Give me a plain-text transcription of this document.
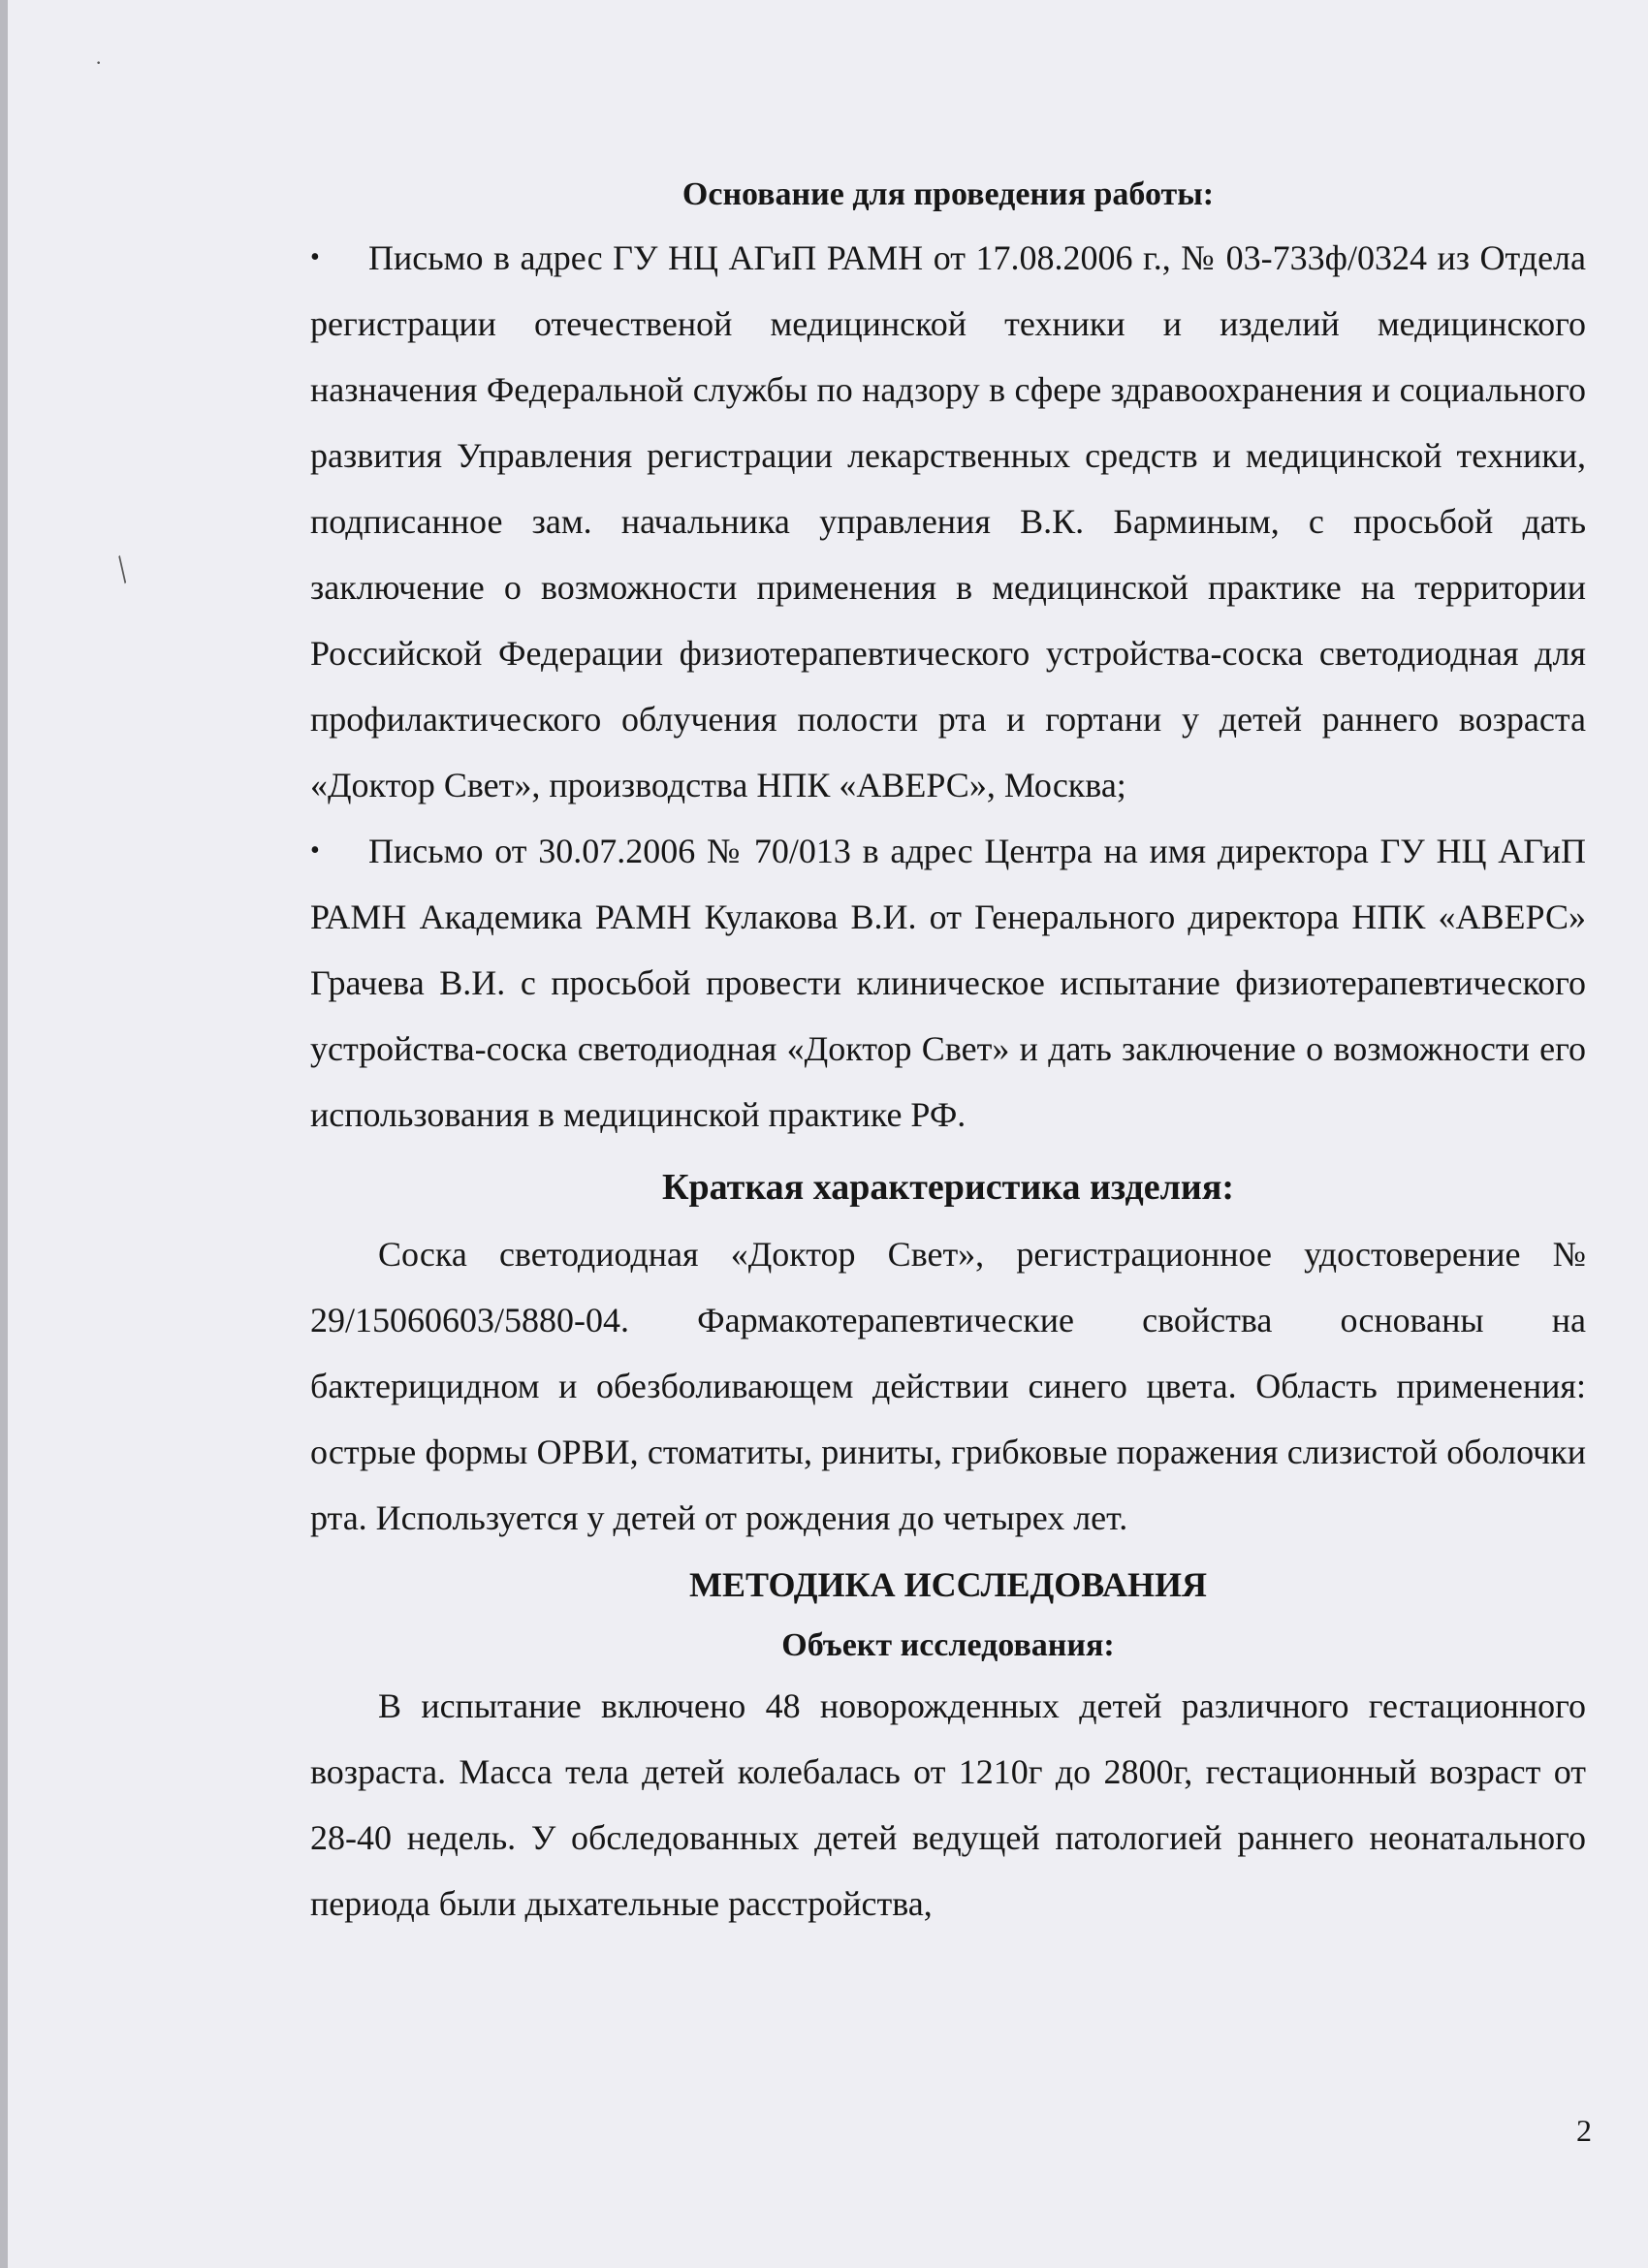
·
╱

Основание для проведения работы:

• Письмо в адрес ГУ НЦ АГиП РАМН от 17.08.2006 г., № 03-733ф/0324 из Отдела регистрации отечественой медицинской техники и изделий медицинского назначения Федеральной службы по надзору в сфере здравоохранения и социального развития Управления регистрации лекарственных средств и медицинской техники, подписанное зам. начальника управления В.К. Барминым, с просьбой дать заключение о возможности применения в медицинской практике на территории Российской Федерации физиотерапевтического устройства-соска светодиодная для профилактического облучения полости рта и гортани у детей раннего возраста «Доктор Свет», производства НПК «АВЕРС», Москва;
• Письмо от 30.07.2006 № 70/013 в адрес Центра на имя директора ГУ НЦ АГиП РАМН Академика РАМН Кулакова В.И. от Генерального директора НПК «АВЕРС» Грачева В.И. с просьбой провести клиническое испытание физиотерапевтического устройства-соска светодиодная «Доктор Свет» и дать заключение о возможности его использования в медицинской практике РФ.

Краткая характеристика изделия:

Соска светодиодная «Доктор Свет», регистрационное удостоверение № 29/15060603/5880-04. Фармакотерапевтические свойства основаны на бактерицидном и обезболивающем действии синего цвета. Область применения: острые формы ОРВИ, стоматиты, риниты, грибковые поражения слизистой оболочки рта. Используется у детей от рождения до четырех лет.

МЕТОДИКА ИССЛЕДОВАНИЯ

Объект исследования:

В испытание включено 48 новорожденных детей различного гестационного возраста. Масса тела детей колебалась от 1210г до 2800г, гестационный возраст от 28-40 недель. У обследованных детей ведущей патологией раннего неонатального периода были дыхательные расстройства,

2
